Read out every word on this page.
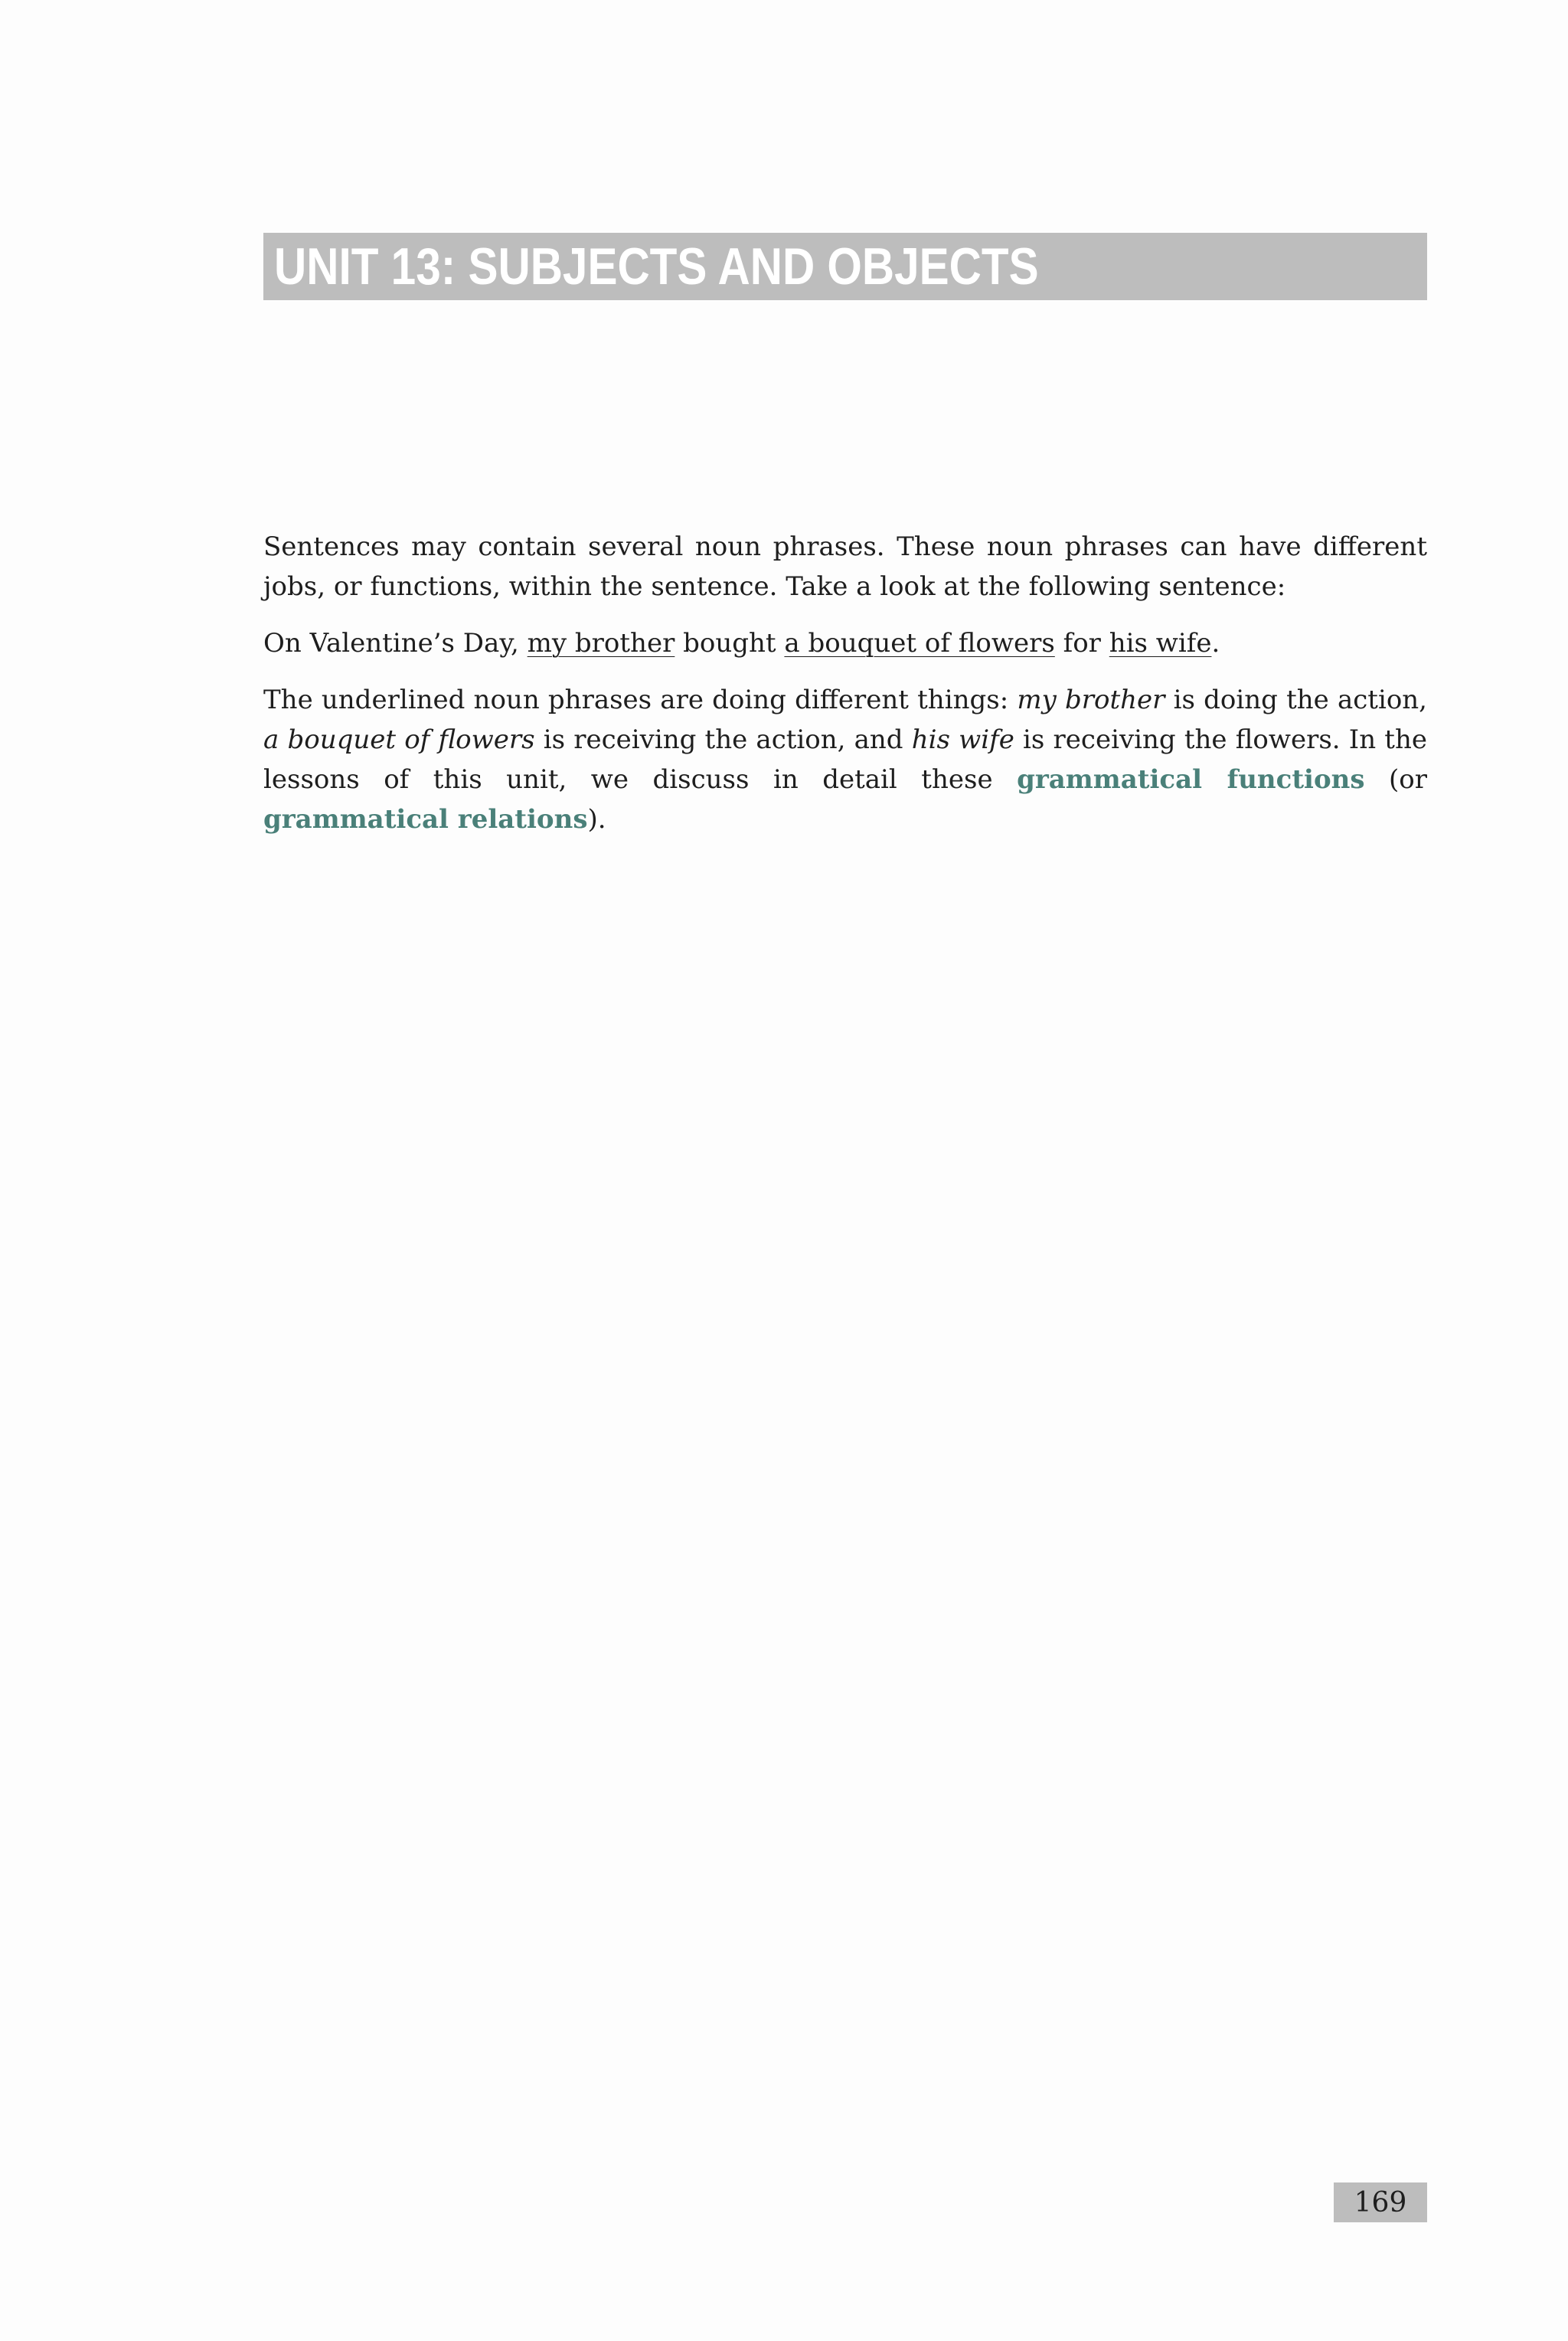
UNIT 13: SUBJECTS AND OBJECTS

Sentences may contain several noun phrases. These noun phrases can have different jobs, or functions, within the sentence. Take a look at the following sentence:

On Valentine’s Day, my brother bought a bouquet of flowers for his wife.

The underlined noun phrases are doing different things: my brother is doing the action, a bouquet of flowers is receiving the action, and his wife is receiving the flowers. In the lessons of this unit, we discuss in detail these grammatical functions (or grammatical relations).

169
